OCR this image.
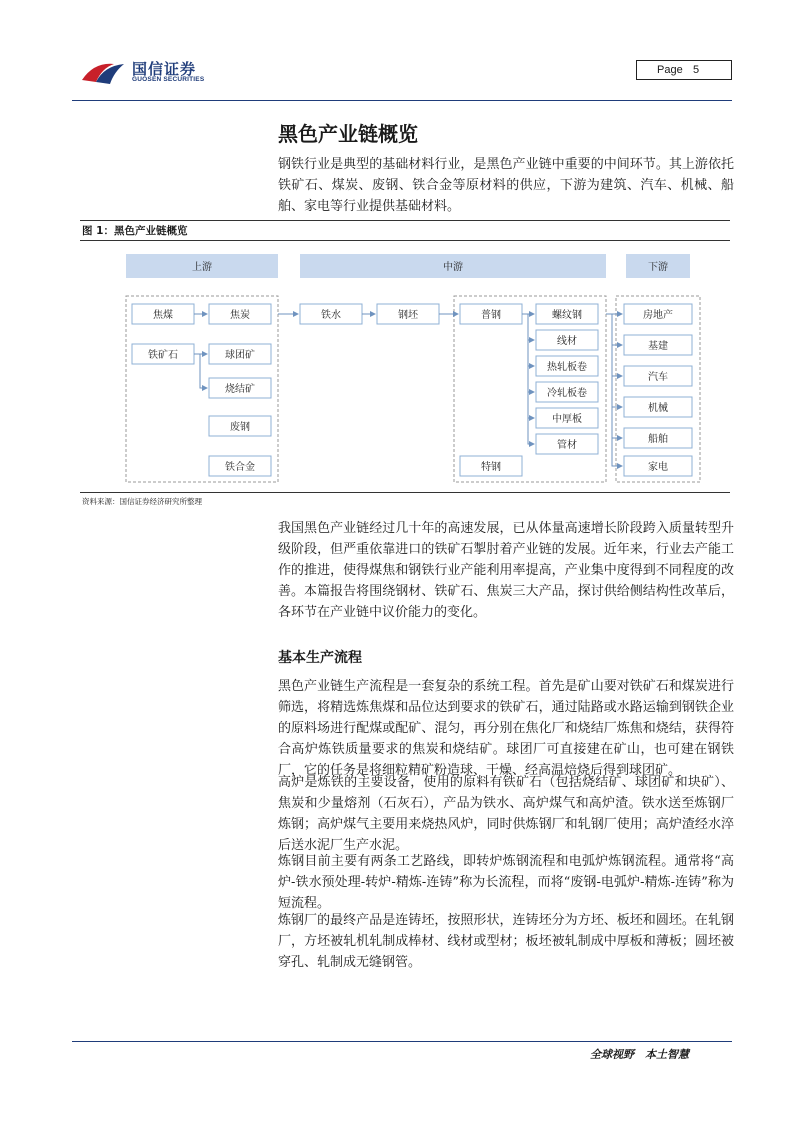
国信证券
GUOSEN SECURITIES
Page 5
黑色产业链概览
钢铁行业是典型的基础材料行业，是黑色产业链中重要的中间环节。其上游依托铁矿石、煤炭、废钢、铁合金等原材料的供应，下游为建筑、汽车、机械、船舶、家电等行业提供基础材料。
图 1：黑色产业链概览
上游	中游	下游
焦煤	焦炭
铁矿石	球团矿
烧结矿
废钢
铁合金
铁水	钢坯	普钢
特钢
螺纹钢
线材
热轧板卷
冷轧板卷
中厚板
管材
房地产
基建
汽车
机械
船舶
家电
资料来源：国信证券经济研究所整理
我国黑色产业链经过几十年的高速发展，已从体量高速增长阶段跨入质量转型升级阶段，但严重依靠进口的铁矿石掣肘着产业链的发展。近年来，行业去产能工作的推进，使得煤焦和钢铁行业产能利用率提高，产业集中度得到不同程度的改善。本篇报告将围绕钢材、铁矿石、焦炭三大产品，探讨供给侧结构性改革后，各环节在产业链中议价能力的变化。
基本生产流程
黑色产业链生产流程是一套复杂的系统工程。首先是矿山要对铁矿石和煤炭进行筛选，将精选炼焦煤和品位达到要求的铁矿石，通过陆路或水路运输到钢铁企业的原料场进行配煤或配矿、混匀，再分别在焦化厂和烧结厂炼焦和烧结，获得符合高炉炼铁质量要求的焦炭和烧结矿。球团厂可直接建在矿山，也可建在钢铁厂，它的任务是将细粒精矿粉造球、干燥、经高温焙烧后得到球团矿。
高炉是炼铁的主要设备，使用的原料有铁矿石（包括烧结矿、球团矿和块矿）、焦炭和少量熔剂（石灰石），产品为铁水、高炉煤气和高炉渣。铁水送至炼钢厂炼钢；高炉煤气主要用来烧热风炉，同时供炼钢厂和轧钢厂使用；高炉渣经水淬后送水泥厂生产水泥。
炼钢目前主要有两条工艺路线，即转炉炼钢流程和电弧炉炼钢流程。通常将“高炉-铁水预处理-转炉-精炼-连铸”称为长流程，而将“废钢-电弧炉-精炼-连铸”称为短流程。
炼钢厂的最终产品是连铸坯，按照形状，连铸坯分为方坯、板坯和圆坯。在轧钢厂，方坯被轧机轧制成棒材、线材或型材；板坯被轧制成中厚板和薄板；圆坯被穿孔、轧制成无缝钢管。
全球视野　本土智慧
